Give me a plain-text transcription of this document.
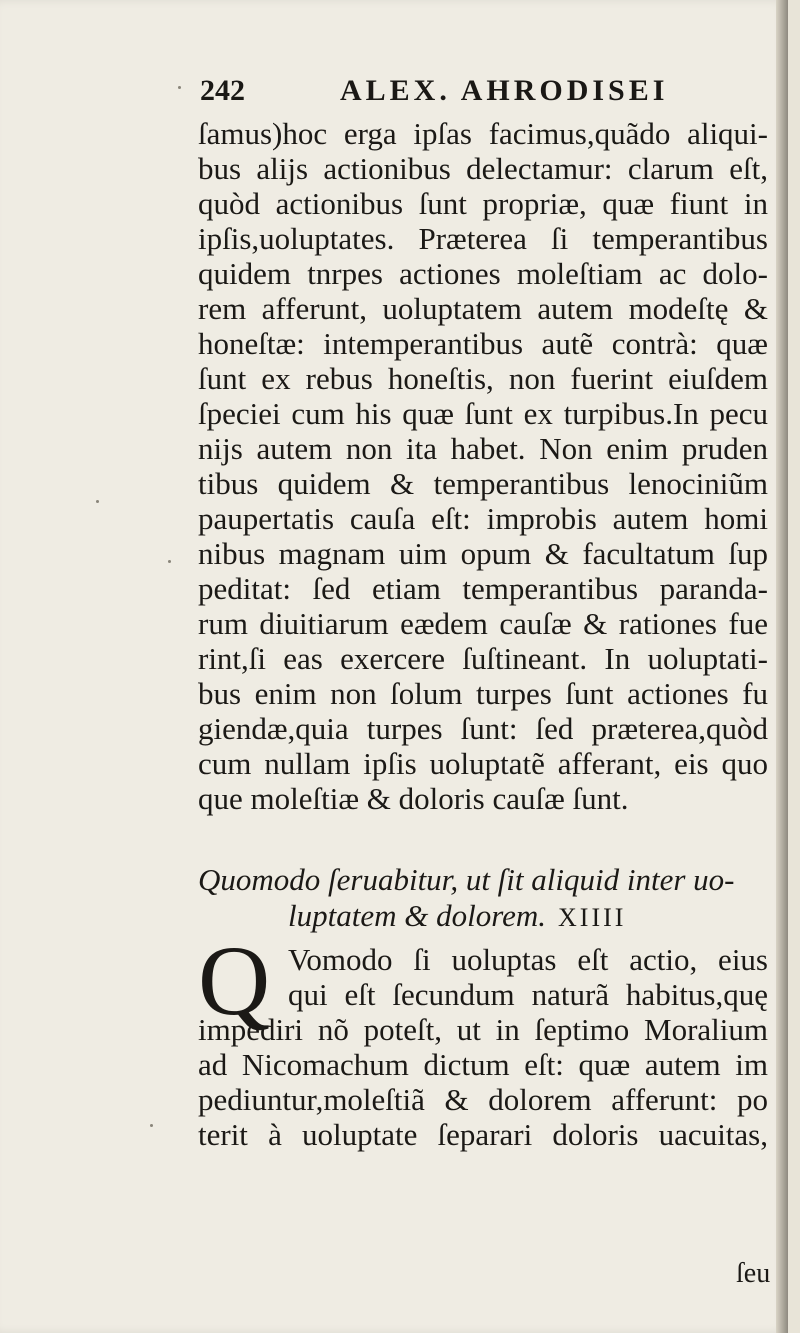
242	ALEX. AHRODISEI
ſamus)hoc erga ipſas facimus,quãdo aliqui-
bus aliјs actionibus delectamur: clarum eſt,
quòd actionibus ſunt propriæ, quæ fiunt in
ipſis,uoluptates. Præterea ſi temperantibus
quidem tnrpes actiones moleſtiam ac dolo-
rem afferunt, uoluptatem autem modeſtę &
honeſtæ: intemperantibus autẽ contrà: quæ
ſunt ex rebus honeſtis, non fuerint eiuſdem
ſpeciei cum his quæ ſunt ex turpibus.In pecu
niјs autem non ita habet. Non enim pruden
tibus quidem & temperantibus lenociniũm
paupertatis cauſa eſt: improbis autem homi
nibus magnam uim opum & facultatum ſup
peditat: ſed etiam temperantibus paranda-
rum diuitiarum eædem cauſæ & rationes fue
rint,ſi eas exercere ſuſtineant. In uoluptati-
bus enim non ſolum turpes ſunt actiones fu
giendæ,quia turpes ſunt: ſed præterea,quòd
cum nullam ipſis uoluptatẽ afferant, eis quo
que moleſtiæ & doloris cauſæ ſunt.
Quomodo ſeruabitur, ut ſit aliquid inter uo-
luptatem & dolorem. XIIII
Q Vomodo ſi uoluptas eſt actio, eius
qui eſt ſecundum naturã habitus,quę
impediri nõ poteſt, ut in ſeptimo Moralium
ad Nicomachum dictum eſt: quæ autem im
pediuntur,moleſtiã & dolorem afferunt: po
terit à uoluptate ſeparari doloris uacuitas,
ſeu
